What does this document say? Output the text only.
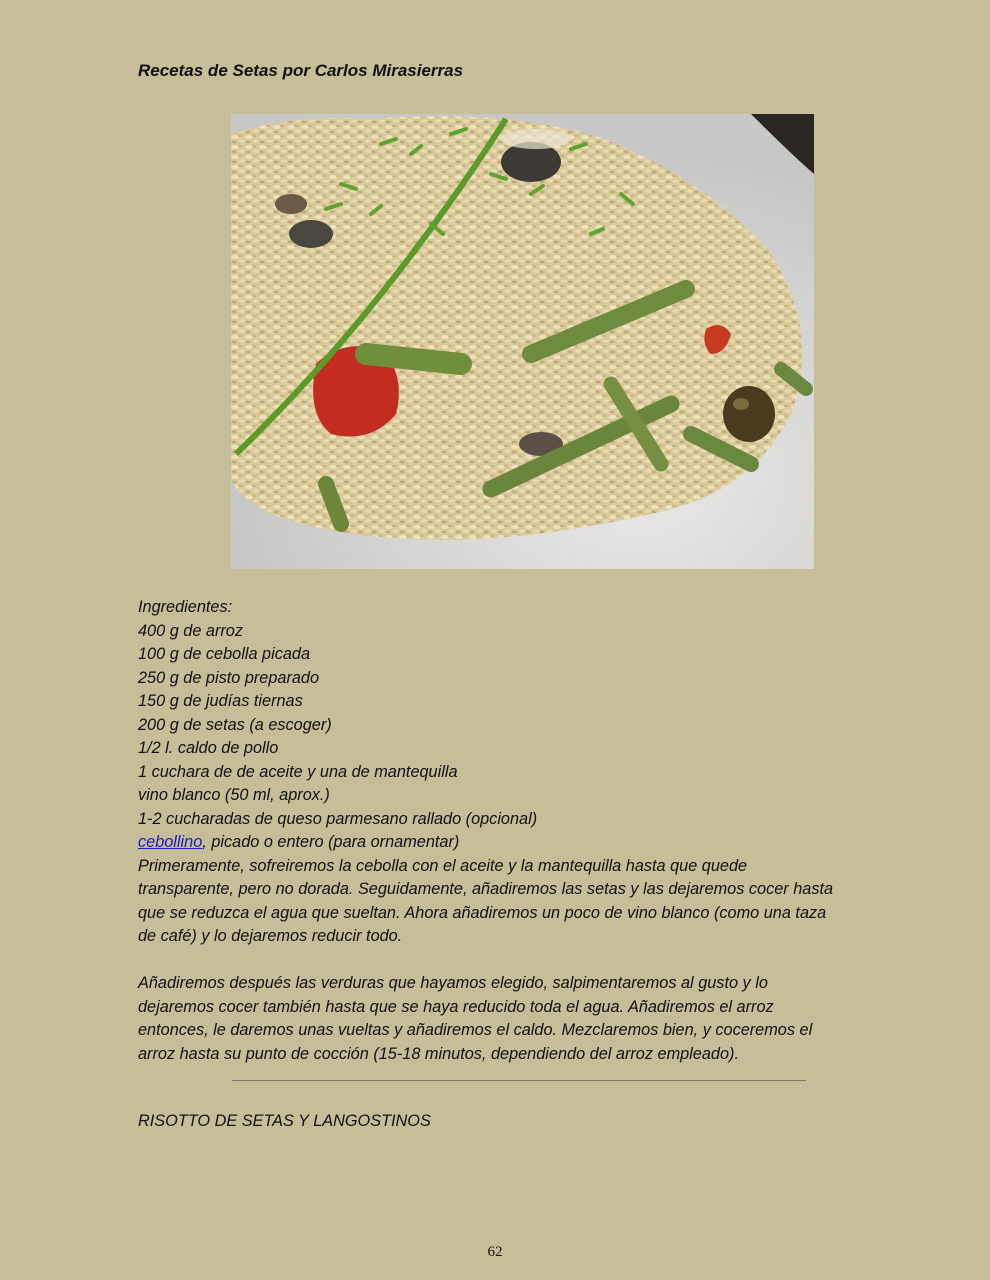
Recetas de Setas por Carlos Mirasierras
Ingredientes:
400 g de arroz
100 g de cebolla picada
250 g de pisto preparado
150 g de judías tiernas
200 g de setas (a escoger)
1/2 l. caldo de pollo
1 cuchara de de aceite y una de mantequilla
vino blanco (50 ml, aprox.)
1-2 cucharadas de queso parmesano rallado (opcional)
cebollino, picado o entero (para ornamentar)
Primeramente, sofreiremos la cebolla con el aceite y la mantequilla hasta que quede
transparente, pero no dorada. Seguidamente, añadiremos las setas y las dejaremos cocer hasta
que se reduzca el agua que sueltan. Ahora añadiremos un poco de vino blanco (como una taza
de café) y lo dejaremos reducir todo.
Añadiremos después las verduras que hayamos elegido, salpimentaremos al gusto y lo
dejaremos cocer también hasta que se haya reducido toda el agua. Añadiremos el arroz
entonces, le daremos unas vueltas y añadiremos el caldo. Mezclaremos bien, y coceremos el
arroz hasta su punto de cocción (15-18 minutos, dependiendo del arroz empleado).
RISOTTO DE SETAS Y LANGOSTINOS
62
